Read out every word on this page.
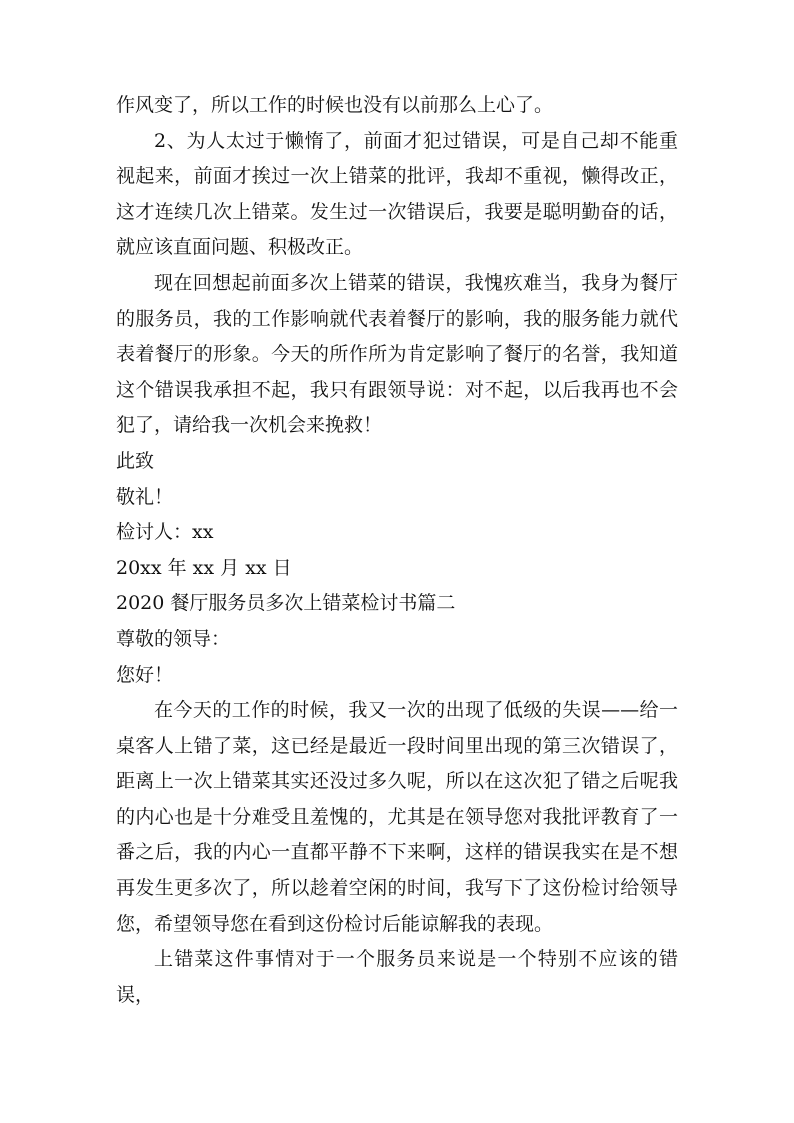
作风变了，所以工作的时候也没有以前那么上心了。

2、为人太过于懒惰了，前面才犯过错误，可是自己却不能重视起来，前面才挨过一次上错菜的批评，我却不重视，懒得改正，这才连续几次上错菜。发生过一次错误后，我要是聪明勤奋的话，就应该直面问题、积极改正。

现在回想起前面多次上错菜的错误，我愧疚难当，我身为餐厅的服务员，我的工作影响就代表着餐厅的影响，我的服务能力就代表着餐厅的形象。今天的所作所为肯定影响了餐厅的名誉，我知道这个错误我承担不起，我只有跟领导说：对不起，以后我再也不会犯了，请给我一次机会来挽救！

此致

敬礼！

检讨人：xx

20xx 年 xx 月 xx 日

2020 餐厅服务员多次上错菜检讨书篇二

尊敬的领导：

您好！

在今天的工作的时候，我又一次的出现了低级的失误——给一桌客人上错了菜，这已经是最近一段时间里出现的第三次错误了，距离上一次上错菜其实还没过多久呢，所以在这次犯了错之后呢我的内心也是十分难受且羞愧的，尤其是在领导您对我批评教育了一番之后，我的内心一直都平静不下来啊，这样的错误我实在是不想再发生更多次了，所以趁着空闲的时间，我写下了这份检讨给领导您，希望领导您在看到这份检讨后能谅解我的表现。

上错菜这件事情对于一个服务员来说是一个特别不应该的错误，
